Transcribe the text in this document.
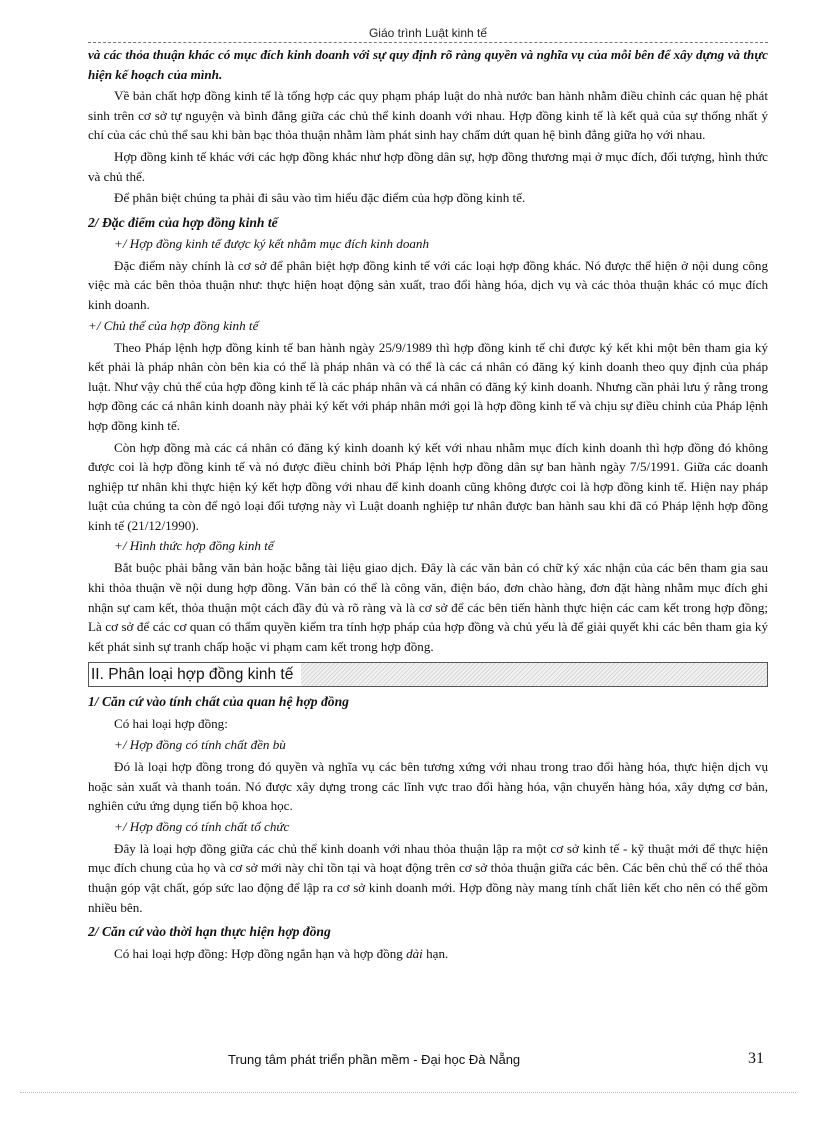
Giáo trình Luật kinh tế

và các thỏa thuận khác có mục đích kinh doanh với sự quy định rõ ràng quyền và nghĩa vụ của mỗi bên để xây dựng và thực hiện kế hoạch của mình.

Về bản chất hợp đồng kinh tế là tổng hợp các quy phạm pháp luật do nhà nước ban hành nhằm điều chỉnh các quan hệ phát sinh trên cơ sở tự nguyện và bình đẳng giữa các chủ thể kinh doanh với nhau. Hợp đồng kinh tế là kết quả của sự thống nhất ý chí của các chủ thể sau khi bàn bạc thỏa thuận nhằm làm phát sinh hay chấm dứt quan hệ bình đẳng giữa họ với nhau.

Hợp đồng kinh tế khác với các hợp đồng khác như hợp đồng dân sự, hợp đồng thương mại ở mục đích, đối tượng, hình thức và chủ thể.

Để phân biệt chúng ta phải đi sâu vào tìm hiểu đặc điểm của hợp đồng kinh tế.

2/ Đặc điểm của hợp đồng kinh tế
+/ Hợp đồng kinh tế được ký kết nhằm mục đích kinh doanh

Đặc điểm này chính là cơ sở để phân biệt hợp đồng kinh tế với các loại hợp đồng khác. Nó được thể hiện ở nội dung công việc mà các bên thỏa thuận như: thực hiện hoạt động sản xuất, trao đổi hàng hóa, dịch vụ và các thỏa thuận khác có mục đích kinh doanh.

+/ Chủ thể của hợp đồng kinh tế

Theo Pháp lệnh hợp đồng kinh tế ban hành ngày 25/9/1989 thì hợp đồng kinh tế chỉ được ký kết khi một bên tham gia ký kết phải là pháp nhân còn bên kia có thể là pháp nhân và có thể là các cá nhân có đăng ký kinh doanh theo quy định của pháp luật. Như vậy chủ thể của hợp đồng kinh tế là các pháp nhân và cá nhân có đăng ký kinh doanh. Nhưng cần phải lưu ý rằng trong hợp đồng các cá nhân kinh doanh này phải ký kết với pháp nhân mới gọi là hợp đồng kinh tế và chịu sự điều chỉnh của Pháp lệnh hợp đồng kinh tế.

Còn hợp đồng mà các cá nhân có đăng ký kinh doanh ký kết với nhau nhằm mục đích kinh doanh thì hợp đồng đó không được coi là hợp đồng kinh tế và nó được điều chỉnh bởi Pháp lệnh hợp đồng dân sự ban hành ngày 7/5/1991. Giữa các doanh nghiệp tư nhân khi thực hiện ký kết hợp đồng với nhau để kinh doanh cũng không được coi là hợp đồng kinh tế. Hiện nay pháp luật của chúng ta còn để ngỏ loại đối tượng này vì Luật doanh nghiệp tư nhân được ban hành sau khi đã có Pháp lệnh hợp đồng kinh tế (21/12/1990).

+/ Hình thức hợp đồng kinh tế

Bắt buộc phải bằng văn bản hoặc bằng tài liệu giao dịch. Đây là các văn bản có chữ ký xác nhận của các bên tham gia sau khi thỏa thuận về nội dung hợp đồng. Văn bản có thể là công văn, điện báo, đơn chào hàng, đơn đặt hàng nhằm mục đích ghi nhận sự cam kết, thỏa thuận một cách đầy đủ và rõ ràng và là cơ sở để các bên tiến hành thực hiện các cam kết trong hợp đồng; Là cơ sở để các cơ quan có thẩm quyền kiểm tra tính hợp pháp của hợp đồng và chủ yếu là để giải quyết khi các bên tham gia ký kết phát sinh sự tranh chấp hoặc vi phạm cam kết trong hợp đồng.

II. Phân loại hợp đồng kinh tế
1/ Căn cứ vào tính chất của quan hệ hợp đồng

Có hai loại hợp đồng:

+/ Hợp đồng có tính chất đền bù

Đó là loại hợp đồng trong đó quyền và nghĩa vụ các bên tương xứng với nhau trong trao đổi hàng hóa, thực hiện dịch vụ hoặc sản xuất và thanh toán. Nó được xây dựng trong các lĩnh vực trao đổi hàng hóa, vận chuyển hàng hóa, xây dựng cơ bản, nghiên cứu ứng dụng tiến bộ khoa học.

+/ Hợp đồng có tính chất tổ chức

Đây là loại hợp đồng giữa các chủ thể kinh doanh với nhau thỏa thuận lập ra một cơ sở kinh tế - kỹ thuật mới để thực hiện mục đích chung của họ và cơ sở mới này chỉ tồn tại và hoạt động trên cơ sở thỏa thuận giữa các bên. Các bên chủ thể có thể thỏa thuận góp vật chất, góp sức lao động để lập ra cơ sở kinh doanh mới. Hợp đồng này mang tính chất liên kết cho nên có thể gồm nhiều bên.

2/ Căn cứ vào thời hạn thực hiện hợp đồng

Có hai loại hợp đồng: Hợp đồng ngắn hạn và hợp đồng dài hạn.

Trung tâm phát triển phần mềm - Đại học Đà Nẵng	31
